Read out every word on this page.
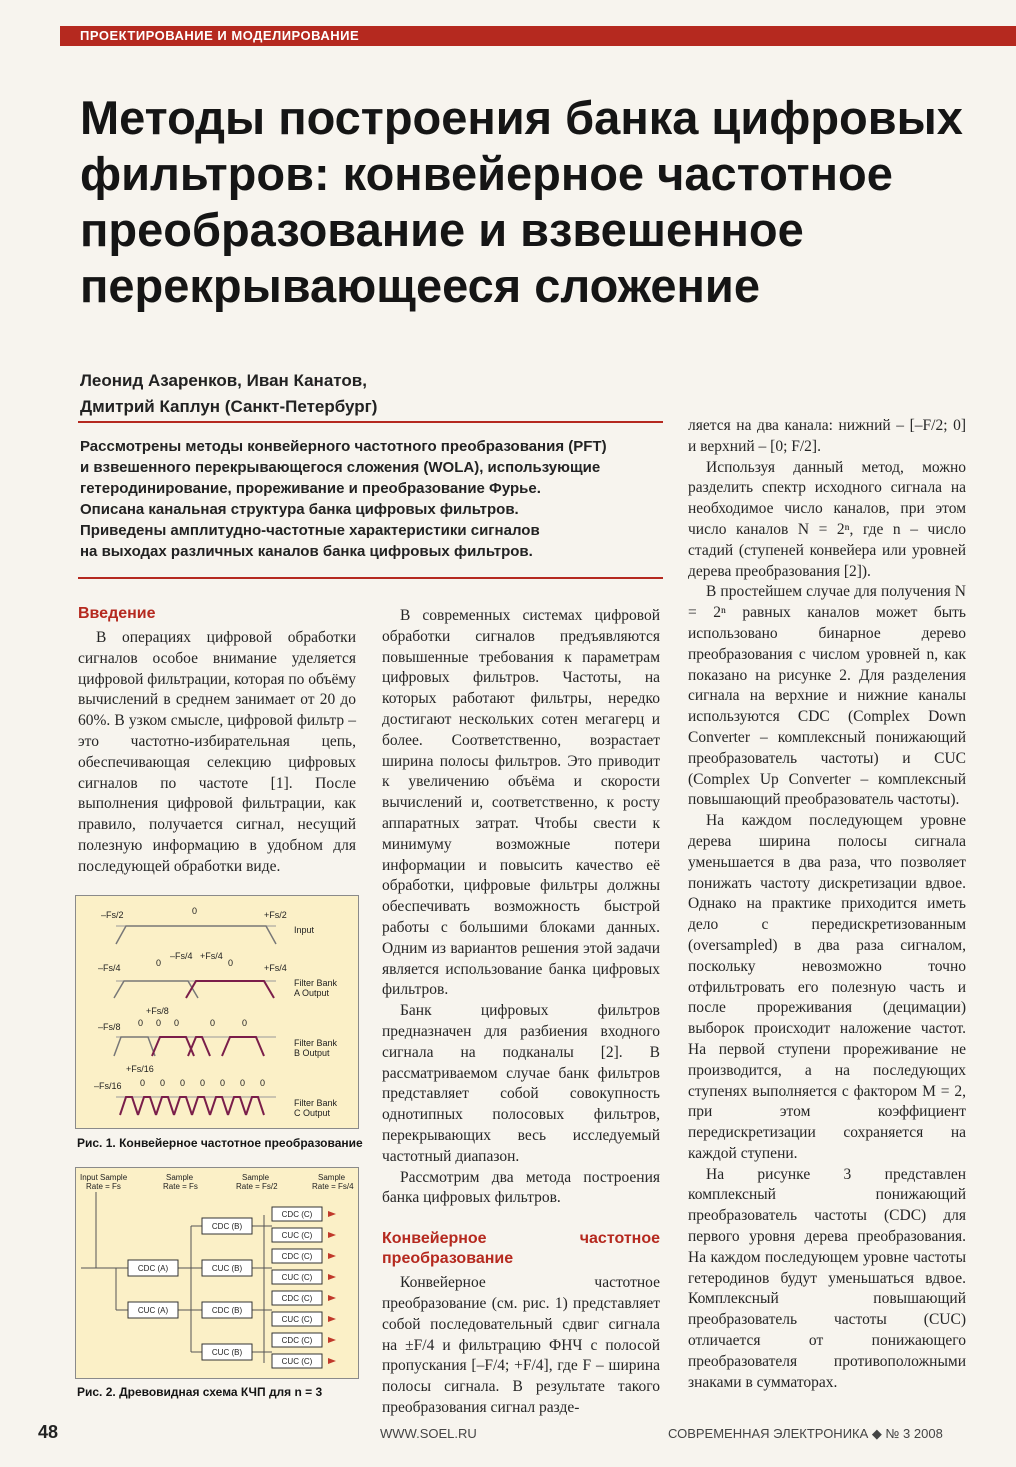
ПРОЕКТИРОВАНИЕ И МОДЕЛИРОВАНИЕ
Методы построения банка цифровых
фильтров: конвейерное частотное
преобразование и взвешенное
перекрывающееся сложение
Леонид Азаренков, Иван Канатов,
Дмитрий Каплун (Санкт-Петербург)
Рассмотрены методы конвейерного частотного преобразования (PFT)
и взвешенного перекрывающегося сложения (WOLA), использующие
гетеродинирование, прореживание и преобразование Фурье.
Описана канальная структура банка цифровых фильтров.
Приведены амплитудно-частотные характеристики сигналов
на выходах различных каналов банка цифровых фильтров.
Введение

В операциях цифровой обработки сигналов особое внимание уделяется цифровой фильтрации, которая по объёму вычислений в среднем занимает от 20 до 60%. В узком смысле, цифровой фильтр – это частотно-избирательная цепь, обеспечивающая селекцию цифровых сигналов по частоте [1]. После выполнения цифровой фильтрации, как правило, получается сигнал, несущий полезную информацию в удобном для последующей обработки виде.

–Fs/2	0	+Fs/2
Input
–Fs/4	0
–Fs/4 +Fs/4
0	+Fs/4
Filter Bank
A Output
–Fs/8
+Fs/8
0 0 0	0	0
Filter Bank
B Output
+Fs/16
–Fs/16 0 0 0 0 0 0 0
Filter Bank
C Output
Рис. 1. Конвейерное частотное преобразование
Input Sample
Rate = Fs
Sample
Rate = Fs
Sample
Rate = Fs/2
Sample
Rate = Fs/4
CDC (A)
CUC (A)
CDC (B)
CUC (B)
CDC (B)
CUC (B)
CDC (C)
CUC (C)
CDC (C)
CUC (C)
CDC (C)
CUC (C)
CDC (C)
CUC (C)
Рис. 2. Древовидная схема КЧП для n = 3

В современных системах цифровой обработки сигналов предъявляются повышенные требования к параметрам цифровых фильтров. Частоты, на которых работают фильтры, нередко достигают нескольких сотен мегагерц и более. Соответственно, возрастает ширина полосы фильтров. Это приводит к увеличению объёма и скорости вычислений и, соответственно, к росту аппаратных затрат. Чтобы свести к минимуму возможные потери информации и повысить качество её обработки, цифровые фильтры должны обеспечивать возможность быстрой работы с большими блоками данных. Одним из вариантов решения этой задачи является использование банка цифровых фильтров.

Банк цифровых фильтров предназначен для разбиения входного сигнала на подканалы [2]. В рассматриваемом случае банк фильтров представляет собой совокупность однотипных полосовых фильтров, перекрывающих весь исследуемый частотный диапазон.

Рассмотрим два метода построения банка цифровых фильтров.

Конвейерное частотное преобразование

Конвейерное частотное преобразование (см. рис. 1) представляет собой последовательный сдвиг сигнала на ±F/4 и фильтрацию ФНЧ с полосой пропускания [–F/4; +F/4], где F – ширина полосы сигнала. В результате такого преобразования сигнал разде-

ляется на два канала: нижний – [–F/2; 0] и верхний – [0; F/2].

Используя данный метод, можно разделить спектр исходного сигнала на необходимое число каналов, при этом число каналов N = 2ⁿ, где n – число стадий (ступеней конвейера или уровней дерева преобразования [2]).

В простейшем случае для получения N = 2ⁿ равных каналов может быть использовано бинарное дерево преобразования с числом уровней n, как показано на рисунке 2. Для разделения сигнала на верхние и нижние каналы используются CDC (Complex Down Converter – комплексный понижающий преобразователь частоты) и CUC (Complex Up Converter – комплексный повышающий преобразователь частоты).

На каждом последующем уровне дерева ширина полосы сигнала уменьшается в два раза, что позволяет понижать частоту дискретизации вдвое. Однако на практике приходится иметь дело с передискретизованным (oversampled) в два раза сигналом, поскольку невозможно точно отфильтровать его полезную часть и после прореживания (децимации) выборок происходит наложение частот. На первой ступени прореживание не производится, а на последующих ступенях выполняется с фактором M = 2, при этом коэффициент передискретизации сохраняется на каждой ступени.

На рисунке 3 представлен комплексный понижающий преобразователь частоты (CDC) для первого уровня дерева преобразования. На каждом последующем уровне частоты гетеродинов будут уменьшаться вдвое. Комплексный повышающий преобразователь частоты (CUC) отличается от понижающего преобразователя противоположными знаками в сумматорах.

48	WWW.SOEL.RU	СОВРЕМЕННАЯ ЭЛЕКТРОНИКА ◆ № 3 2008
